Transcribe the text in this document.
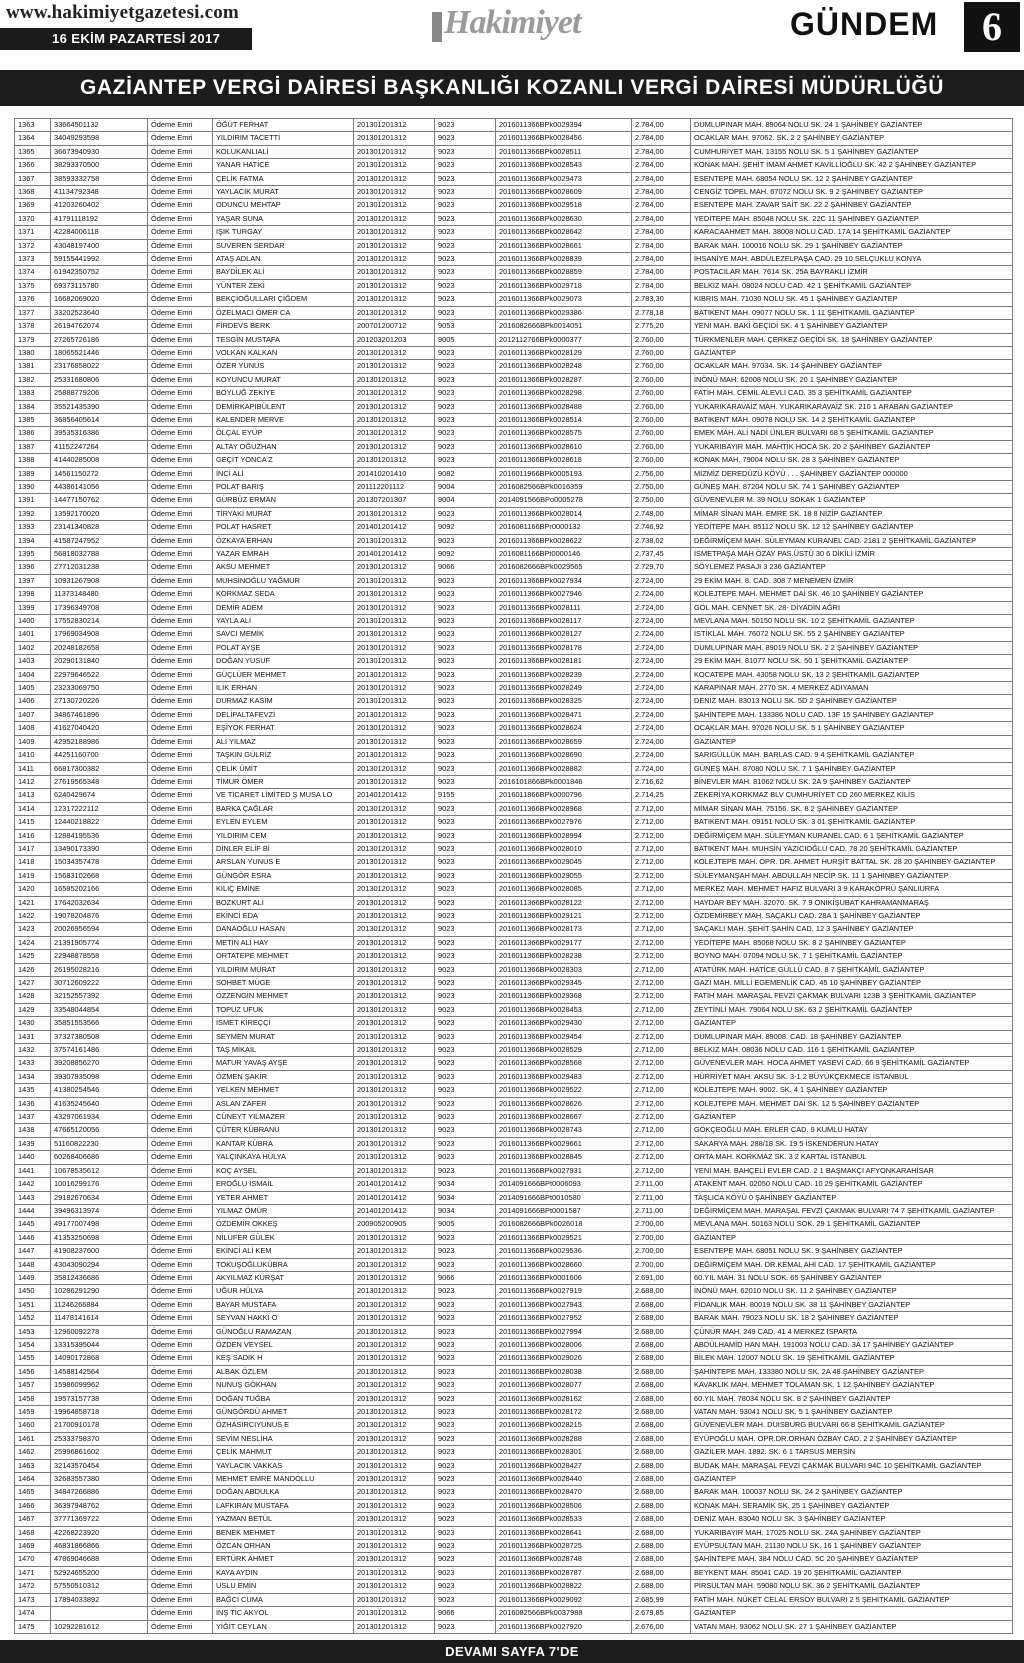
www.hakimiyetgazetesi.com
16 EKİM PAZARTESİ 2017	Hakimiyet	GÜNDEM	6
GAZİANTEP VERGİ DAİRESİ BAŞKANLIĞI KOZANLI VERGİ DAİRESİ MÜDÜRLÜĞÜ
1363	33664501132	Ödeme Emri	ÖĞÜT FERHAT	201301201312	9023	2016011366BPk0029394	2.784,00	DUMLUPINAR MAH. 89064 NOLU SK. 24 1 ŞAHİNBEY GAZİANTEP
1364	34049293598	Ödeme Emri	YILDIRIM TACETTİ	201301201312	9023	2016011366BPk0028456	2.784,00	OCAKLAR MAH. 97062. SK. 2 2 ŞAHİNBEY GAZİANTEP
1365	36673940930	Ödeme Emri	KOLUKANLIALİ	201301201312	9023	2016011366BPk0028511	2.784,00	CUMHURİYET MAH. 13155 NOLU SK. 5 1 ŞAHİNBEY GAZİANTEP
1366	38293370500	Ödeme Emri	YANAR HATİCE	201301201312	9023	2016011366BPk0028543	2.784,00	KONAK MAH. ŞEHİT İMAM AHMET KAVİLLİOĞLU SK. 42 2 ŞAHİNBEY GAZİANTEP
1367	38593332758	Ödeme Emri	ÇELİK FATMA	201301201312	9023	2016011366BPk0029473	2.784,00	ESENTEPE MAH. 68054 NOLU SK. 12 2 ŞAHİNBEY GAZİANTEP
1368	41134792348	Ödeme Emri	YAYLACIK MURAT	201301201312	9023	2016011366BPk0028609	2.784,00	CENGİZ TOPEL MAH. 67072 NOLU SK. 9 2 ŞAHİNBEY GAZİANTEP
1369	41203260402	Ödeme Emri	ODUNCU MEHTAP	201301201312	9023	2016011366BPk0029518	2.784,00	ESENTEPE MAH. ZAVAR SAİT SK. 22 2 ŞAHİNBEY GAZİANTEP
1370	41791118192	Ödeme Emri	YAŞAR SUNA	201301201312	9023	2016011366BPk0028630	2.784,00	YEDİTEPE MAH. 85048 NOLU SK. 22C 11 ŞAHİNBEY GAZİANTEP
1371	42284006118	Ödeme Emri	IŞIK TURGAY	201301201312	9023	2016011366BPk0028642	2.784,00	KARACAAHMET MAH. 38008 NOLU CAD. 17A 14 ŞEHİTKAMİL GAZİANTEP
1372	43048197400	Ödeme Emri	SUVEREN SERDAR	201301201312	9023	2016011366BPk0028661	2.784,00	BARAK MAH. 100016 NOLU SK. 29 1 ŞAHİNBEY GAZİANTEP
1373	59155441992	Ödeme Emri	ATAŞ ADLAN	201301201312	9023	2016011366BPk0028839	2.784,00	İHSANİYE MAH. ABDÜLEZELPAŞA CAD. 29 10 SELÇUKLU KONYA
1374	61942350752	Ödeme Emri	BAYDİLEK ALİ	201301201312	9023	2016011366BPk0028859	2.784,00	POSTACILAR MAH. 7614 SK. 25A BAYRAKLI İZMİR
1375	69373115780	Ödeme Emri	YÜNTER ZEKİ	201301201312	9023	2016011366BPk0029718	2.784,00	BELKIZ MAH. 08024 NOLU CAD. 42 1 ŞEHİTKAMİL GAZİANTEP
1376	16682069020	Ödeme Emri	BEKÇİOĞULLARI ÇİĞDEM	201301201312	9023	2016011366BPk0029073	2.783,30	KIBRIS MAH. 71030 NOLU SK. 45 1 ŞAHİNBEY GAZİANTEP
1377	33202523640	Ödeme Emri	ÖZELMACI ÖMER CA	201301201312	9023	2016011366BPk0029386	2.778,18	BATIKENT MAH. 09077 NOLU SK. 1 11 ŞEHİTKAMİL GAZİANTEP
1378	26194762074	Ödeme Emri	FİRDEVS BERK	200701200712	9053	2016082666BPk0014051	2.775,20	YENİ MAH. BAKİ GEÇİDİ SK. 4 1 ŞAHİNBEY GAZİANTEP
1379	27265726186	Ödeme Emri	TESGİN MUSTAFA	201203201203	9005	2012112766BPk0000377	2.760,00	TÜRKMENLER MAH. ÇERKEZ GEÇİDİ SK. 18 ŞAHİNBEY GAZİANTEP
1380	18065521446	Ödeme Emri	VOLKAN KALKAN	201301201312	9023	2016011366BPk0028129	2.760,00	GAZİANTEP
1381	23176858022	Ödeme Emri	ÖZER YUNUS	201301201312	9023	2016011366BPk0028248	2.760,00	OCAKLAR MAH. 97034. SK. 14 ŞAHİNBEY GAZİANTEP
1382	25331680806	Ödeme Emri	KOYUNCU MURAT	201301201312	9023	2016011366BPk0028287	2.760,00	İNÖNÜ MAH. 62008 NOLU SK. 20 1 ŞAHİNBEY GAZİANTEP
1383	25888779206	Ödeme Emri	BOYLUĞ ZEKİYE	201301201312	9023	2016011366BPk0028298	2.760,00	FATİH MAH. CEMİL ALEVLİ CAD. 35 3 ŞEHİTKAMİL GAZİANTEP
1384	35521435390	Ödeme Emri	DEMİRKAPIBÜLENT	201301201312	9023	2016011366BPk0028488	2.760,00	YUKARIKARAVAİZ MAH. YUKARIKARAVAİZ SK. 210 1 ARABAN GAZİANTEP
1385	36856405614	Ödeme Emri	KALENDER MERVE	201301201312	9023	2016011366BPk0028514	2.760,00	BATIKENT MAH. 09078 NOLU SK. 14 2 ŞEHİTKAMİL GAZİANTEP
1386	39535316386	Ödeme Emri	ÖLÇAL EYÜP	201301201312	9023	2016011366BPk0028575	2.760,00	EMEK MAH. ALİ NADİ ÜNLER BULVARI 68 5 ŞEHİTKAMİL GAZİANTEP
1387	41152247264	Ödeme Emri	ALTAY OĞUZHAN	201301201312	9023	2016011366BPk0028610	2.760,00	YUKARIBAYIR MAH. MAHTİK HOCA SK. 20 2 ŞAHİNBEY GAZİANTEP
1388	41440285008	Ödeme Emri	GEÇİT YONCA Z	201301201312	9023	2016011366BPk0028618	2.760,00	KONAK MAH. 79004 NOLU SK. 28 3 ŞAHİNBEY GAZİANTEP
1389	14561150272	Ödeme Emri	İNCİ ALİ	201410201410	9082	2016011966BPk0005193	2.756,00	MİZMİZ DEREDÜZÜ KÖYÜ . . . ŞAHİNBEY GAZİANTEP 000000
1390	44386141056	Ödeme Emri	POLAT BARIŞ	201112201112	9004	2016082566BPk0016359	2.750,00	GÜNEŞ MAH. 87204 NOLU SK. 74 1 ŞAHİNBEY GAZİANTEP
1391	14477150762	Ödeme Emri	GÜRBÜZ ERMAN	201307201307	9004	2014091566BPo0005278	2.750,00	GÜVENEVLER M. 39 NOLU SOKAK 1 GAZİANTEP
1392	13592170020	Ödeme Emri	TİRYAKİ MURAT	201301201312	9023	2016011366BPk0028014	2.748,00	MİMAR SİNAN MAH. EMRE SK. 18 8 NİZİP GAZİANTEP
1393	23141340828	Ödeme Emri	POLAT HASRET	201401201412	9092	2016081166BPr0000132	2.746,92	YEDİTEPE MAH. 85112 NOLU SK. 12 12 ŞAHİNBEY GAZİANTEP
1394	41587247952	Ödeme Emri	ÖZKAYA ERHAN	201301201312	9023	2016011366BPk0028622	2.738,02	DEĞİRMİÇEM MAH. SÜLEYMAN KURANEL CAD. 2181 2 ŞEHİTKAMİL GAZİANTEP
1395	56818032788	Ödeme Emri	YAZAR EMRAH	201401201412	9092	2016081166BPt0000146	2.737,45	İSMETPAŞA MAH ÖZAY PAS.ÜSTÜ 30 6 DİKİLİ İZMİR
1396	27712031238	Ödeme Emri	AKSU MEHMET	201301201312	9066	2016082666BPk0029565	2.729,70	SÖYLEMEZ PASAJI 3 236 GAZİANTEP
1397	10931267908	Ödeme Emri	MUHSİNOĞLU YAĞMUR	201301201312	9023	2016011366BPk0027934	2.724,00	29 EKİM MAH. 8. CAD. 308 7 MENEMEN İZMİR
1398	11373148480	Ödeme Emri	KORKMAZ SEDA	201301201312	9023	2016011366BPk0027946	2.724,00	KOLEJTEPE MAH. MEHMET DAİ SK. 46 10 ŞAHİNBEY GAZİANTEP
1399	17396349708	Ödeme Emri	DEMİR ADEM	201301201312	9023	2016011366BPk0028111	2.724,00	GÖL MAH. CENNET SK. 28- DİYADİN AĞRI
1400	17552830214	Ödeme Emri	YAYLA ALİ	201301201312	9023	2016011366BPk0028117	2.724,00	MEVLANA MAH. 50150 NOLU SK. 10 2 ŞEHİTKAMİL GAZİANTEP
1401	17969034908	Ödeme Emri	SAVCI MEMİK	201301201312	9023	2016011366BPk0028127	2.724,00	İSTİKLAL MAH. 76072 NOLU SK. 55 2 ŞAHİNBEY GAZİANTEP
1402	20248182658	Ödeme Emri	POLAT AYŞE	201301201312	9023	2016011366BPk0028178	2.724,00	DUMLUPINAR MAH. 89019 NOLU SK. 2 2 ŞAHİNBEY GAZİANTEP
1403	20290131840	Ödeme Emri	DOĞAN YUSUF	201301201312	9023	2016011366BPk0028181	2.724,00	29 EKİM MAH. 81077 NOLU SK. 50 1 ŞEHİTKAMİL GAZİANTEP
1404	22979646522	Ödeme Emri	GÜÇLÜER MEHMET	201301201312	9023	2016011366BPk0028239	2.724,00	KOCATEPE MAH. 43058 NOLU SK. 13 2 ŞEHİTKAMİL GAZİANTEP
1405	23233069750	Ödeme Emri	İLİK ERHAN	201301201312	9023	2016011366BPk0028249	2.724,00	KARAPINAR MAH. 2770 SK. 4 MERKEZ ADIYAMAN
1406	27130720226	Ödeme Emri	DURMAZ KASIM	201301201312	9023	2016011366BPk0028325	2.724,00	DENİZ MAH. 83013 NOLU SK. 5D 2 ŞAHİNBEY GAZİANTEP
1407	34867461896	Ödeme Emri	DELİPALTAFEVZİ	201301201312	9023	2016011366BPk0028471	2.724,00	ŞAHİNTEPE MAH. 133386 NOLU CAD. 13F 15 ŞAHİNBEY GAZİANTEP
1408	41627040420	Ödeme Emri	EŞİYOK FERHAT	201301201312	9023	2016011366BPk0028624	2.724,00	OCAKLAR MAH. 97026 NOLU SK. 5 1 ŞAHİNBEY GAZİANTEP
1409	42952188986	Ödeme Emri	ALİ YILMAZ	201301201312	9023	2016011366BPk0028659	2.724,00	GAZİANTEP
1410	44251160700	Ödeme Emri	TAŞKIN GÜLRİZ	201301201312	9023	2016011366BPk0028690	2.724,00	SARIGÜLLÜK MAH. BARLAS CAD. 9 4 ŞEHİTKAMİL GAZİANTEP
1411	66817300382	Ödeme Emri	ÇELİK ÜMİT	201301201312	9023	2016011366BPk0028882	2.724,00	GÜNEŞ MAH. 87080 NOLU SK. 7 1 ŞAHİNBEY GAZİANTEP
1412	27619565348	Ödeme Emri	TİMUR ÖMER	201301201312	9023	2016101866BPk0001846	2.716,62	BİNEVLER MAH. 81062 NOLU SK. 2A 9 ŞAHİNBEY GAZİANTEP
1413	6240429674	Ödeme Emri	VE TİCARET LİMİTED Ş MUSA LO	201401201412	9155	2016011866BPk0000796	2.714,25	ZEKERİYA KORKMAZ BLV CUMHURİYET CD 260 MERKEZ KİLİS
1414	12317222112	Ödeme Emri	BARKA ÇAĞLAR	201301201312	9023	2016011366BPk0028968	2.712,00	MİMAR SİNAN MAH. 75156. SK. 8 2 ŞAHİNBEY GAZİANTEP
1415	12440218822	Ödeme Emri	EYLEN EYLEM	201301201312	9023	2016011366BPk0027976	2.712,00	BATIKENT MAH. 09151 NOLU SK. 3 01 ŞEHİTKAMİL GAZİANTEP
1416	12884195536	Ödeme Emri	YILDIRIM CEM	201301201312	9023	2016011366BPk0028994	2.712,00	DEĞİRMİÇEM MAH. SÜLEYMAN KURANEL CAD. 6 1 ŞEHİTKAMİL GAZİANTEP
1417	13490173390	Ödeme Emri	DİNLER ELİF Bİ	201301201312	9023	2016011366BPk0028010	2.712,00	BATIKENT MAH. MUHSİN YAZICIOĞLU CAD. 78 20 ŞEHİTKAMİL GAZİANTEP
1418	15034357478	Ödeme Emri	ARSLAN YUNUS E	201301201312	9023	2016011366BPk0029045	2.712,00	KOLEJTEPE MAH. OPR. DR. AHMET HURŞİT BATTAL SK. 28 20 ŞAHİNBEY GAZİANTEP
1419	15683102668	Ödeme Emri	GÜNGÖR ESRA	201301201312	9023	2016011366BPk0029055	2.712,00	SÜLEYMANŞAH MAH. ABDULLAH NECİP SK. 11 1 ŞAHİNBEY GAZİANTEP
1420	16585202166	Ödeme Emri	KILIÇ EMİNE	201301201312	9023	2016011366BPk0028085	2.712,00	MERKEZ MAH. MEHMET HAFIZ BULVARI 3 9 KARAKÖPRÜ ŞANLIURFA
1421	17642032634	Ödeme Emri	BOZKURT ALİ	201301201312	9023	2016011366BPk0028122	2.712,00	HAYDAR BEY MAH. 32070. SK. 7 9 ONİKİŞUBAT KAHRAMANMARAŞ
1422	19078204876	Ödeme Emri	EKİNCİ EDA	201301201312	9023	2016011366BPk0029121	2.712,00	ÖZDEMİRBEY MAH. SAÇAKLI CAD. 28A 1 ŞAHİNBEY GAZİANTEP
1423	20026956594	Ödeme Emri	DANAOĞLU HASAN	201301201312	9023	2016011366BPk0028173	2.712,00	SAÇAKLI MAH. ŞEHİT ŞAHİN CAD. 12 3 ŞAHİNBEY GAZİANTEP
1424	21391905774	Ödeme Emri	METİN ALİ HAY	201301201312	9023	2016011366BPk0029177	2.712,00	YEDİTEPE MAH. 85068 NOLU SK. 8 2 ŞAHİNBEY GAZİANTEP
1425	22948878558	Ödeme Emri	ORTATEPE MEHMET	201301201312	9023	2016011366BPk0028238	2.712,00	BOYNO MAH. 07094 NOLU SK. 7 1 ŞEHİTKAMİL GAZİANTEP
1426	26195028216	Ödeme Emri	YILDIRIM MURAT	201301201312	9023	2016011366BPk0028303	2.712,00	ATATÜRK MAH. HATİCE GÜLLÜ CAD. 8 7 ŞEHİTKAMİL GAZİANTEP
1427	30712609222	Ödeme Emri	SOHBET MÜGE	201301201312	9023	2016011366BPk0029345	2.712,00	GAZİ MAH. MİLLİ EGEMENLİK CAD. 45 10 ŞAHİNBEY GAZİANTEP
1428	32152557392	Ödeme Emri	ÖZZENGİN MEHMET	201301201312	9023	2016011366BPk0029368	2.712,00	FATİH MAH. MARAŞAL FEVZİ ÇAKMAK BULVARI 123B 3 ŞEHİTKAMİL GAZİANTEP
1429	33548044854	Ödeme Emri	TOPUZ UFUK	201301201312	9023	2016011366BPk0028453	2.712,00	ZEYTİNLİ MAH. 79064 NOLU SK. 63 2 ŞEHİTKAMİL GAZİANTEP
1430	35851553566	Ödeme Emri	İSMET KİREÇÇİ	201301201312	9023	2016011366BPk0029430	2.712,00	GAZİANTEP
1431	37327380508	Ödeme Emri	SEYMEN MURAT	201301201312	9023	2016011366BPk0029454	2.712,00	DUMLUPINAR MAH. 89008. CAD. 18 ŞAHİNBEY GAZİANTEP
1432	37574161486	Ödeme Emri	TAŞ MİKAİL	201301201312	9023	2016011366BPk0028529	2.712,00	BELKIZ MAH. 08036 NOLU CAD. 116 1 ŞEHİTKAMİL GAZİANTEP
1433	39208856270	Ödeme Emri	MATUR YAVAŞ AYŞE	201301201312	9023	2016011366BPk0028568	2.712,00	GÜVENEVLER MAH. HOCA AHMET YASEVİ CAD. 66 9 ŞEHİTKAMİL GAZİANTEP
1434	39307935098	Ödeme Emri	ÖZMEN ŞAKİR	201301201312	9023	2016011366BPk0029483	2.712,00	HÜRRİYET MAH. AKSU SK. 3-1 2 BÜYÜKÇEKMECE İSTANBUL
1435	41380254546	Ödeme Emri	YELKEN MEHMET	201301201312	9023	2016011366BPk0029522	2.712,00	KOLEJTEPE MAH. 9002. SK. 4 1 ŞAHİNBEY GAZİANTEP
1436	41635245640	Ödeme Emri	ASLAN ZAFER	201301201312	9023	2016011366BPk0028626	2.712,00	KOLEJTEPE MAH. MEHMET DAİ SK. 12 5 ŞAHİNBEY GAZİANTEP
1437	43297061934	Ödeme Emri	CÜNEYT YILMAZER	201301201312	9023	2016011366BPk0028667	2.712,00	GAZİANTEP
1438	47665120056	Ödeme Emri	ÇÜTER KÜBRANU	201301201312	9023	2016011366BPk0028743	2.712,00	GÖKÇEOĞLU MAH. ERLER CAD. 9 KUMLU HATAY
1439	51160822230	Ödeme Emri	KANTAR KÜBRA	201301201312	9023	2016011366BPk0029661	2.712,00	SAKARYA MAH. 288/18 SK. 19 5 İSKENDERUN HATAY
1440	60268406686	Ödeme Emri	YALÇINKAYA HÜLYA	201301201312	9023	2016011366BPk0028845	2.712,00	ORTA MAH. KORKMAZ SK. 3 2 KARTAL İSTANBUL
1441	10678535612	Ödeme Emri	KOÇ AYSEL	201301201312	9023	2016011366BPk0027931	2.712,00	YENİ MAH. BAHÇELİ EVLER CAD. 2 1 BAŞMAKÇI AFYONKARAHİSAR
1442	10016299176	Ödeme Emri	EROĞLU İSMAİL	201401201412	9034	2014091666BPt0006093	2.711,00	ATAKENT MAH. 02050 NOLU CAD. 10 29 ŞEHİTKAMİL GAZİANTEP
1443	29182670634	Ödeme Emri	YETER AHMET	201401201412	9034	2014091666BPt0010580	2.711,00	TAŞLICA KÖYÜ 0 ŞAHİNBEY GAZİANTEP
1444	39496313974	Ödeme Emri	YILMAZ ÖMÜR	201401201412	9034	2014091666BPt0001587	2.711,00	DEĞİRMİÇEM MAH. MARAŞAL FEVZİ ÇAKMAK BULVARI 74 7 ŞEHİTKAMİL GAZİANTEP
1445	49177007498	Ödeme Emri	ÖZDEMİR OKKEŞ	200905200905	9005	2016082666BPk0026018	2.700,00	MEVLANA MAH. 50163 NOLU SOK. 29 1 ŞEHİTKAMİL GAZİANTEP
1446	41353250698	Ödeme Emri	NİLÜFER GÜLEK	201301201312	9023	2016011366BPk0029521	2.700,00	GAZİANTEP
1447	41908237600	Ödeme Emri	EKİNCİ ALİ KEM	201301201312	9023	2016011366BPk0029536	2.700,00	ESENTEPE MAH. 68051 NOLU SK. 9 ŞAHİNBEY GAZİANTEP
1448	43043090294	Ödeme Emri	TOKUŞOĞLUKÜBRA	201301201312	9023	2016011366BPk0028660	2.700,00	DEĞİRMİÇEM MAH. DR.KEMAL AHİ CAD. 17 ŞEHİTKAMİL GAZİANTEP
1449	35812436686	Ödeme Emri	AKYILMAZ KÜRŞAT	201301201312	9066	2016011366BPk0001606	2.691,00	60.YIL MAH. 31 NOLU SOK. 65 ŞAHİNBEY GAZİANTEP
1450	10286291290	Ödeme Emri	UĞUR HÜLYA	201301201312	9023	2016011366BPk0027919	2.688,00	İNÖNÜ MAH. 62010 NOLU SK. 11 2 ŞAHİNBEY GAZİANTEP
1451	11246266884	Ödeme Emri	BAYAR MUSTAFA	201301201312	9023	2016011366BPk0027943	2.688,00	FİDANLIK MAH. 80019 NOLU SK. 38 11 ŞAHİNBEY GAZİANTEP
1452	11478141614	Ödeme Emri	SEYVAN HAKKI O	201301201312	9023	2016011366BPk0027952	2.688,00	BARAK MAH. 79023 NOLU SK. 18 2 ŞAHİNBEY GAZİANTEP
1453	12960092278	Ödeme Emri	GÜNOĞLU RAMAZAN	201301201312	9023	2016011366BPk0027994	2.688,00	ÇÜNÜR MAH. 249 CAD. 41 4 MERKEZ ISPARTA
1454	13315395044	Ödeme Emri	ÖZDEN VEYSEL	201301201312	9023	2016011366BPk0028006	2.688,00	ABDÜLHAMİD HAN MAH. 191003 NOLU CAD. 3A 17 ŞAHİNBEY GAZİANTEP
1455	14090172868	Ödeme Emri	KEŞ SADIK H	201301201312	9023	2016011366BPk0029026	2.688,00	BİLEK MAH. 12007 NOLU SK. 19 ŞEHİTKAMİL GAZİANTEP
1456	14588142564	Ödeme Emri	ALBAK ÖZLEM	201301201312	9023	2016011366BPk0028038	2.688,00	ŞAHİNTEPE MAH. 133380 NOLU SK. 2A 48 ŞAHİNBEY GAZİANTEP
1457	15986099962	Ödeme Emri	NUNUŞ GÖKHAN	201301201312	9023	2016011366BPk0028077	2.688,00	KAVAKLIK MAH. MEHMET TOLAMAN SK. 1 12 ŞAHİNBEY GAZİANTEP
1458	19573157738	Ödeme Emri	DOĞAN TUĞBA	201301201312	9023	2016011366BPk0028162	2.688,00	60.YIL MAH. 78034 NOLU SK. 8 2 ŞAHİNBEY GAZİANTEP
1459	19964858718	Ödeme Emri	GÜNGÖRDÜ AHMET	201301201312	9023	2016011366BPk0028172	2.688,00	VATAN MAH. 93041 NOLU SK. 5 1 ŞAHİNBEY GAZİANTEP
1460	21700910178	Ödeme Emri	ÖZHASIRCIYUNUS E	201301201312	9023	2016011366BPk0028215	2.688,00	GÜVENEVLER MAH. DUISBURG BULVARI 66 8 ŞEHİTKAMİL GAZİANTEP
1461	25333798370	Ödeme Emri	SEVİM NESLİHA	201301201312	9023	2016011366BPk0028288	2.688,00	EYÜPOĞLU MAH. OPR.DR.ORHAN ÖZBAY CAD. 2 2 ŞAHİNBEY GAZİANTEP
1462	25996861602	Ödeme Emri	ÇELİK MAHMUT	201301201312	9023	2016011366BPk0028301	2.688,00	GAZİLER MAH. 1892. SK. 6 1 TARSUS MERSİN
1463	32143570454	Ödeme Emri	YAYLACIK VAKKAS	201301201312	9023	2016011366BPk0028427	2.688,00	BUDAK MAH. MARAŞAL FEVZİ ÇAKMAK BULVARI 94C 10 ŞEHİTKAMİL GAZİANTEP
1464	32683557380	Ödeme Emri	MEHMET EMRE MANDOLLU	201301201312	9023	2016011366BPk0028440	2.688,00	GAZİANTEP
1465	34847266886	Ödeme Emri	DOĞAN ABDULKA	201301201312	9023	2016011366BPk0028470	2.688,00	BARAK MAH. 100037 NOLU SK. 24 2 ŞAHİNBEY GAZİANTEP
1466	36397948762	Ödeme Emri	LAFKIRAN MUSTAFA	201301201312	9023	2016011366BPk0028506	2.688,00	KONAK MAH. SERAMİK SK. 25 1 ŞAHİNBEY GAZİANTEP
1467	37771369722	Ödeme Emri	YAZMAN BETÜL	201301201312	9023	2016011366BPk0028533	2.688,00	DENİZ MAH. 83040 NOLU SK. 3 ŞAHİNBEY GAZİANTEP
1468	42268223920	Ödeme Emri	BENEK MEHMET	201301201312	9023	2016011366BPk0028641	2.688,00	YUKARIBAYIR MAH. 17025 NOLU SK. 24A ŞAHİNBEY GAZİANTEP
1469	46831866866	Ödeme Emri	ÖZCAN ORHAN	201301201312	9023	2016011366BPk0028725	2.688,00	EYÜPSULTAN MAH. 21130 NOLU SK. 16 1 ŞAHİNBEY GAZİANTEP
1470	47869046688	Ödeme Emri	ERTÜRK AHMET	201301201312	9023	2016011366BPk0028748	2.688,00	ŞAHİNTEPE MAH. 384 NOLU CAD. 5C 20 ŞAHİNBEY GAZİANTEP
1471	52924655200	Ödeme Emri	KAYA AYDIN	201301201312	9023	2016011366BPk0028787	2.688,00	BEYKENT MAH. 85041 CAD. 19 20 ŞEHİTKAMİL GAZİANTEP
1472	57550510312	Ödeme Emri	USLU EMİN	201301201312	9023	2016011366BPk0028822	2.688,00	PİRSULTAN MAH. 59080 NOLU SK. 36 2 ŞEHİTKAMİL GAZİANTEP
1473	17894033892	Ödeme Emri	BAĞCI CUMA	201301201312	9023	2016011366BPk0029092	2.685,99	FATİH MAH. NÜKET CELAL ERSOY BULVARI 2 5 ŞEHİTKAMİL GAZİANTEP
1474		Ödeme Emri	İNŞ TİC AKYOL	201301201312	9066	2016082566BPk0037988	2.679,85	GAZİANTEP
1475	10292281612	Ödeme Emri	YİĞİT CEYLAN	201301201312	9023	2016011366BPk0027920	2.676,00	VATAN MAH. 93062 NOLU SK. 27 1 ŞAHİNBEY GAZİANTEP
DEVAMI SAYFA 7'DE
